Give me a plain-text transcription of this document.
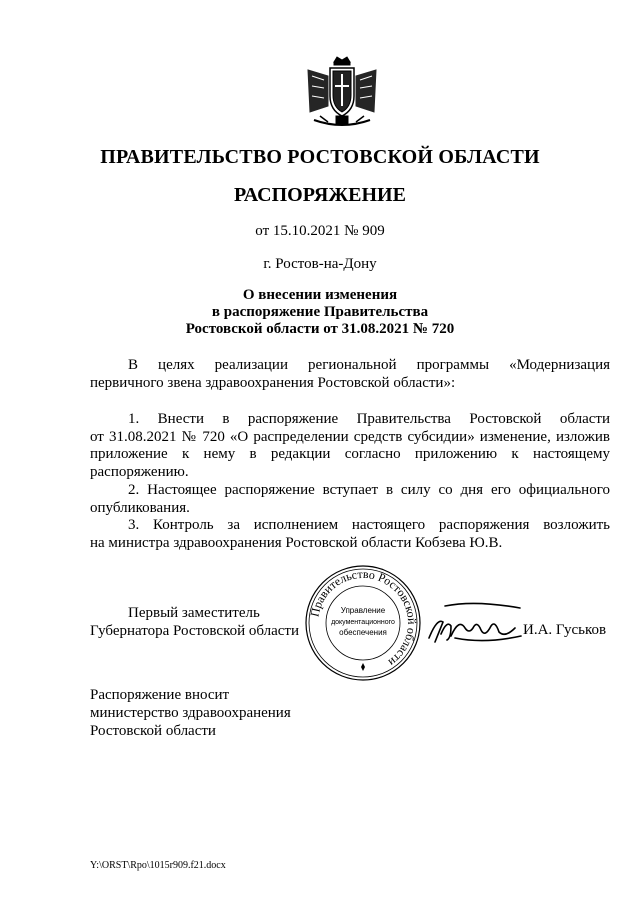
ПРАВИТЕЛЬСТВО РОСТОВСКОЙ ОБЛАСТИ
РАСПОРЯЖЕНИЕ
от 15.10.2021 № 909
г. Ростов-на-Дону
О внесении изменения
в распоряжение Правительства
Ростовской области от 31.08.2021 № 720
В целях реализации региональной программы «Модернизация
первичного звена здравоохранения Ростовской области»:
1. Внести в распоряжение Правительства Ростовской области
от 31.08.2021 № 720 «О распределении средств субсидии» изменение, изложив
приложение к нему в редакции согласно приложению к настоящему
распоряжению.
2. Настоящее распоряжение вступает в силу со дня его официального
опубликования.
3. Контроль за исполнением настоящего распоряжения возложить
на министра здравоохранения Ростовской области Кобзева Ю.В.
Правительство Ростовской области
Управление
документационного
обеспечения
Первый заместитель
Губернатора Ростовской области	И.А. Гуськов
Распоряжение вносит
министерство здравоохранения
Ростовской области
Y:\ORST\Rpo\1015r909.f21.docx
